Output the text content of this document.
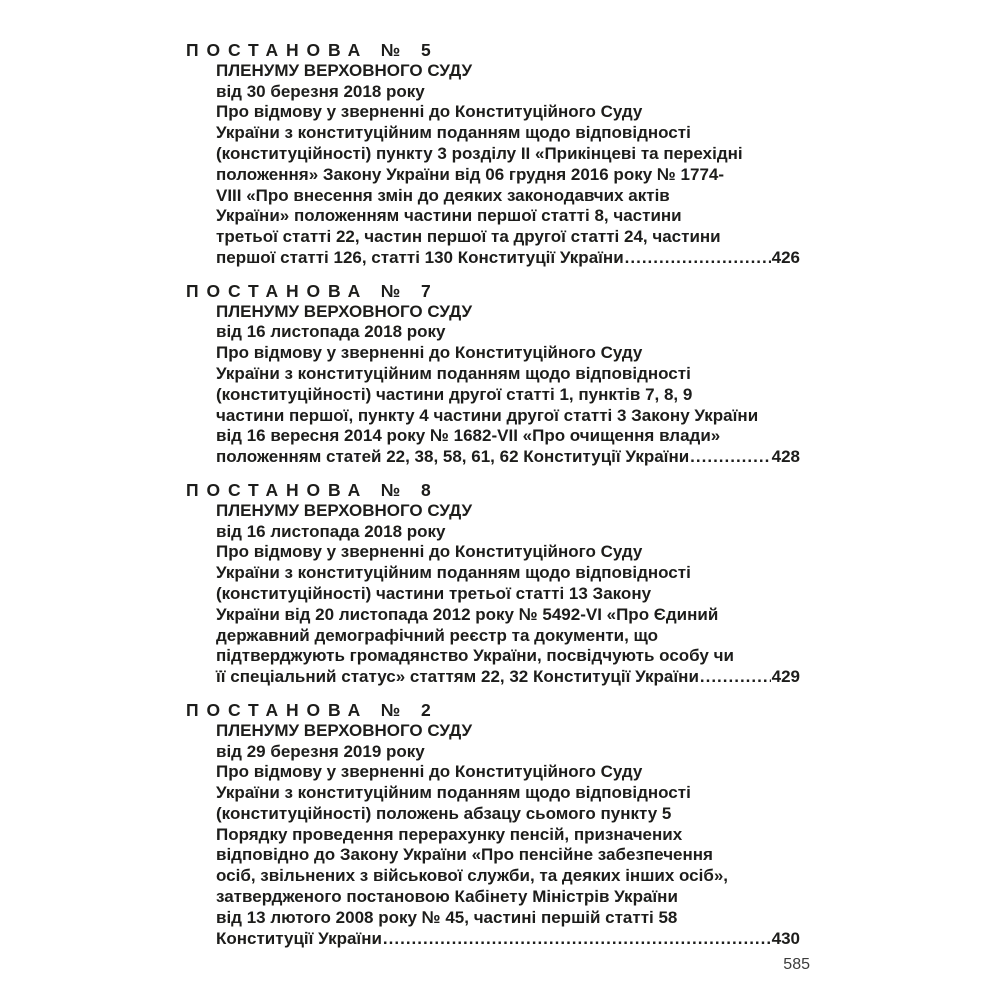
ПОСТАНОВА № 5
ПЛЕНУМУ ВЕРХОВНОГО СУДУ
від 30 березня 2018 року
Про відмову у зверненні до Конституційного Суду
України з конституційним поданням щодо відповідності
(конституційності) пункту 3 розділу II «Прикінцеві та перехідні
положення» Закону України від 06 грудня 2016 року № 1774-
VIII «Про внесення змін до деяких законодавчих актів
України» положенням частини першої статті 8, частини
третьої статті 22, частин першої та другої статті 24, частини
першої статті 126, статті 130 Конституції України .....	426
ПОСТАНОВА № 7
ПЛЕНУМУ ВЕРХОВНОГО СУДУ
від 16 листопада 2018 року
Про відмову у зверненні до Конституційного Суду
України з конституційним поданням щодо відповідності
(конституційності) частини другої статті 1, пунктів 7, 8, 9
частини першої, пункту 4 частини другої статті 3 Закону України
від 16 вересня 2014 року № 1682-VII «Про очищення влади»
положенням статей 22, 38, 58, 61, 62 Конституції України .....	428
ПОСТАНОВА № 8
ПЛЕНУМУ ВЕРХОВНОГО СУДУ
від 16 листопада 2018 року
Про відмову у зверненні до Конституційного Суду
України з конституційним поданням щодо відповідності
(конституційності) частини третьої статті 13 Закону
України від 20 листопада 2012 року № 5492-VI «Про Єдиний
державний демографічний реєстр та документи, що
підтверджують громадянство України, посвідчують особу чи
її спеціальний статус» статтям 22, 32 Конституції України .....	429
ПОСТАНОВА № 2
ПЛЕНУМУ ВЕРХОВНОГО СУДУ
від 29 березня 2019 року
Про відмову у зверненні до Конституційного Суду
України з конституційним поданням щодо відповідності
(конституційності) положень абзацу сьомого пункту 5
Порядку проведення перерахунку пенсій, призначених
відповідно до Закону України «Про пенсійне забезпечення
осіб, звільнених з військової служби, та деяких інших осіб»,
затвердженого постановою Кабінету Міністрів України
від 13 лютого 2008 року № 45, частині першій статті 58
Конституції України .....	430
585
